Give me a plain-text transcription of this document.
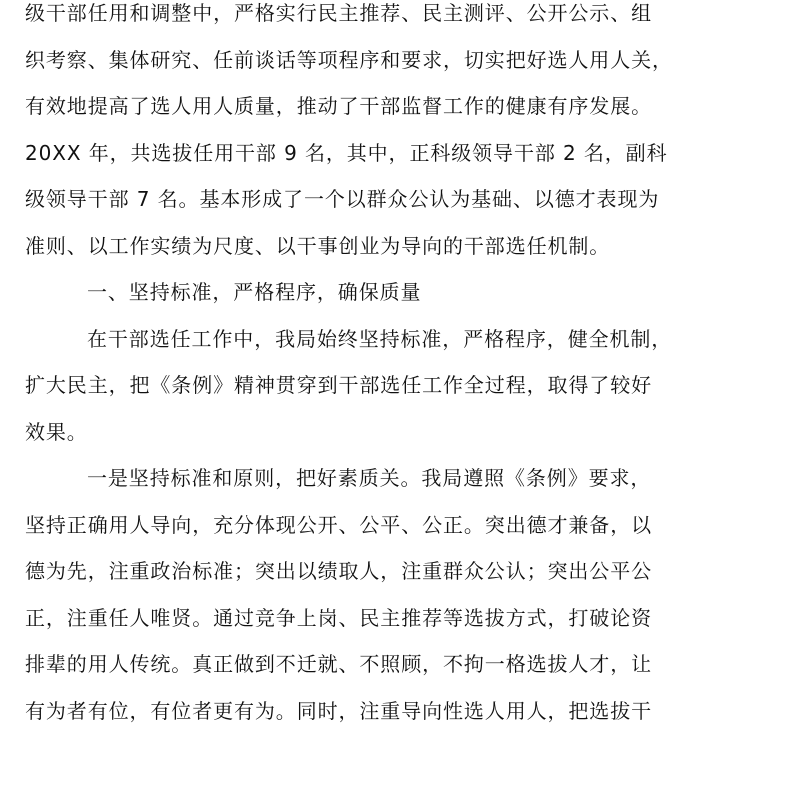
级干部任用和调整中，严格实行民主推荐、民主测评、公开公示、组
织考察、集体研究、任前谈话等项程序和要求，切实把好选人用人关，
有效地提高了选人用人质量，推动了干部监督工作的健康有序发展。
20XX 年，共选拔任用干部 9 名，其中，正科级领导干部 2 名，副科
级领导干部 7 名。基本形成了一个以群众公认为基础、以德才表现为
准则、以工作实绩为尺度、以干事创业为导向的干部选任机制。
一、坚持标准，严格程序，确保质量
在干部选任工作中，我局始终坚持标准，严格程序，健全机制，
扩大民主，把《条例》精神贯穿到干部选任工作全过程，取得了较好
效果。
一是坚持标准和原则，把好素质关。我局遵照《条例》要求，
坚持正确用人导向，充分体现公开、公平、公正。突出德才兼备，以
德为先，注重政治标准；突出以绩取人，注重群众公认；突出公平公
正，注重任人唯贤。通过竞争上岗、民主推荐等选拔方式，打破论资
排辈的用人传统。真正做到不迁就、不照顾，不拘一格选拔人才，让
有为者有位，有位者更有为。同时，注重导向性选人用人，把选拔干
